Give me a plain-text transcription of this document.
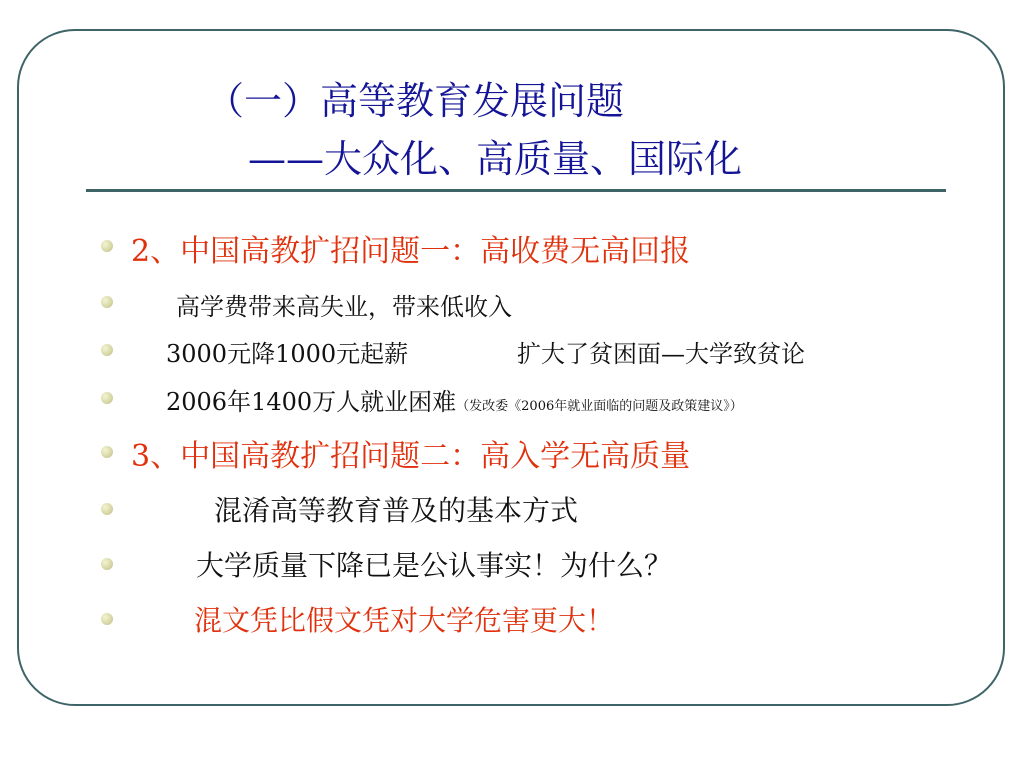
（一）高等教育发展问题
——大众化、高质量、国际化
2、中国高教扩招问题一：高收费无高回报
高学费带来高失业，带来低收入
3000元降1000元起薪	扩大了贫困面—大学致贫论
2006年1400万人就业困难（发改委《2006年就业面临的问题及政策建议》）
3、中国高教扩招问题二：高入学无高质量
混淆高等教育普及的基本方式
大学质量下降已是公认事实！为什么？
混文凭比假文凭对大学危害更大！
